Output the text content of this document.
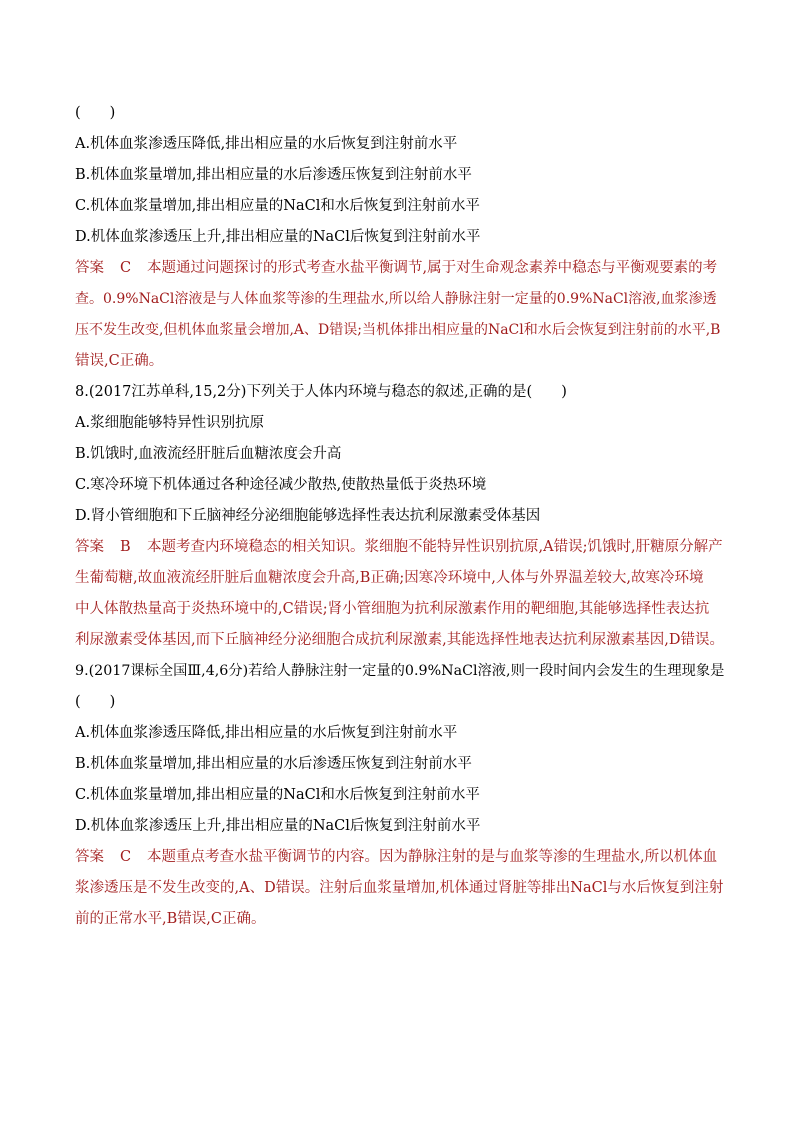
(　　)
A.机体血浆渗透压降低,排出相应量的水后恢复到注射前水平
B.机体血浆量增加,排出相应量的水后渗透压恢复到注射前水平
C.机体血浆量增加,排出相应量的NaCl和水后恢复到注射前水平
D.机体血浆渗透压上升,排出相应量的NaCl后恢复到注射前水平
答案 C 本题通过问题探讨的形式考查水盐平衡调节,属于对生命观念素养中稳态与平衡观要素的考
查。0.9%NaCl溶液是与人体血浆等渗的生理盐水,所以给人静脉注射一定量的0.9%NaCl溶液,血浆渗透
压不发生改变,但机体血浆量会增加,A、D错误;当机体排出相应量的NaCl和水后会恢复到注射前的水平,B
错误,C正确。
8.(2017江苏单科,15,2分)下列关于人体内环境与稳态的叙述,正确的是(　　)
A.浆细胞能够特异性识别抗原
B.饥饿时,血液流经肝脏后血糖浓度会升高
C.寒冷环境下机体通过各种途径减少散热,使散热量低于炎热环境
D.肾小管细胞和下丘脑神经分泌细胞能够选择性表达抗利尿激素受体基因
答案 B 本题考查内环境稳态的相关知识。浆细胞不能特异性识别抗原,A错误;饥饿时,肝糖原分解产
生葡萄糖,故血液流经肝脏后血糖浓度会升高,B正确;因寒冷环境中,人体与外界温差较大,故寒冷环境
中人体散热量高于炎热环境中的,C错误;肾小管细胞为抗利尿激素作用的靶细胞,其能够选择性表达抗
利尿激素受体基因,而下丘脑神经分泌细胞合成抗利尿激素,其能选择性地表达抗利尿激素基因,D错误。
9.(2017课标全国Ⅲ,4,6分)若给人静脉注射一定量的0.9%NaCl溶液,则一段时间内会发生的生理现象是
(　　)
A.机体血浆渗透压降低,排出相应量的水后恢复到注射前水平
B.机体血浆量增加,排出相应量的水后渗透压恢复到注射前水平
C.机体血浆量增加,排出相应量的NaCl和水后恢复到注射前水平
D.机体血浆渗透压上升,排出相应量的NaCl后恢复到注射前水平
答案 C 本题重点考查水盐平衡调节的内容。因为静脉注射的是与血浆等渗的生理盐水,所以机体血
浆渗透压是不发生改变的,A、D错误。注射后血浆量增加,机体通过肾脏等排出NaCl与水后恢复到注射
前的正常水平,B错误,C正确。
